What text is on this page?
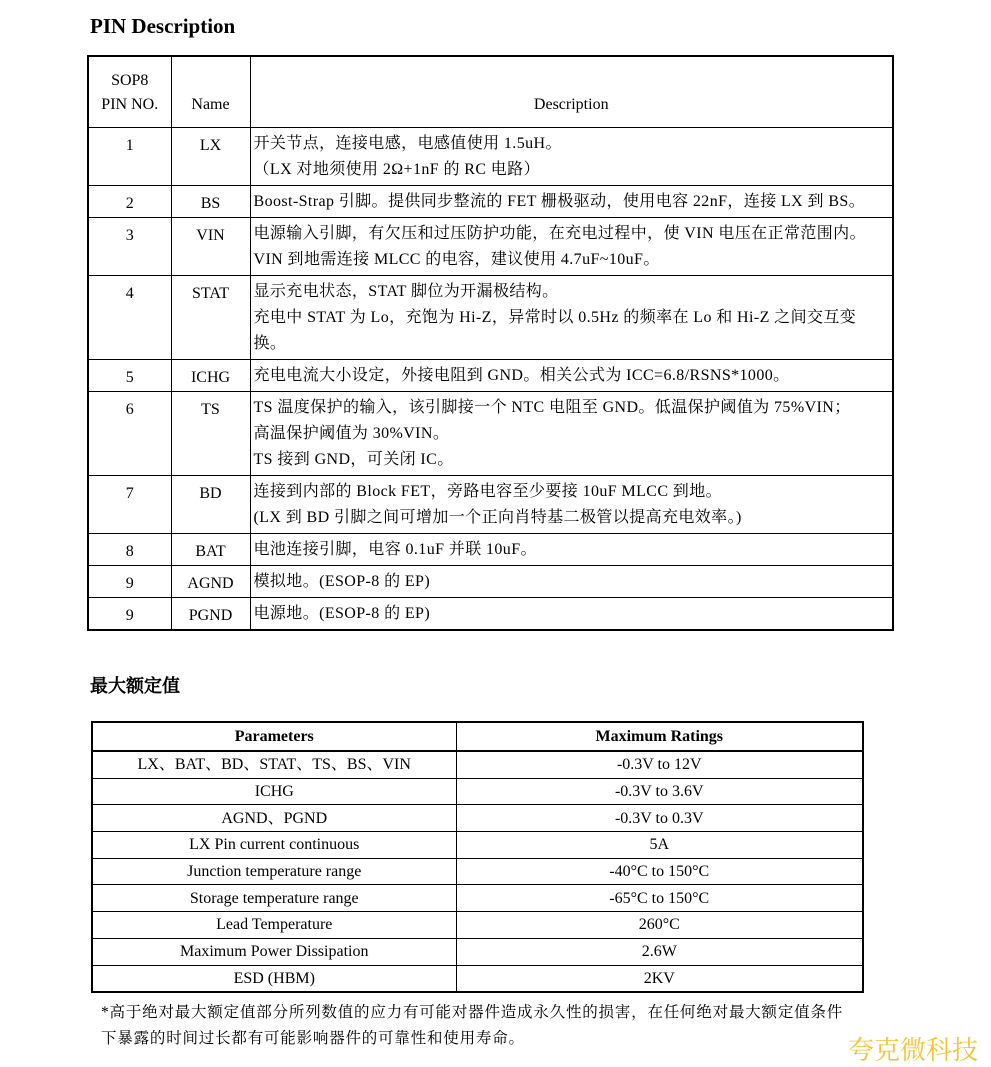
PIN Description
SOP8
PIN NO.	Name	Description
1	LX	开关节点，连接电感，电感值使用 1.5uH。
（LX 对地须使用 2Ω+1nF 的 RC 电路）

2	BS	Boost-Strap 引脚。提供同步整流的 FET 栅极驱动，使用电容 22nF，连接 LX 到 BS。

3	VIN	电源输入引脚，有欠压和过压防护功能，在充电过程中，使 VIN 电压在正常范围内。
VIN 到地需连接 MLCC 的电容，建议使用 4.7uF~10uF。

4	STAT	显示充电状态，STAT 脚位为开漏极结构。
充电中 STAT 为 Lo，充饱为 Hi-Z，异常时以 0.5Hz 的频率在 Lo 和 Hi-Z 之间交互变
换。

5	ICHG	充电电流大小设定，外接电阻到 GND。相关公式为 ICC=6.8/RSNS*1000。

6	TS	TS 温度保护的输入，该引脚接一个 NTC 电阻至 GND。低温保护阈值为 75%VIN；
高温保护阈值为 30%VIN。
TS 接到 GND，可关闭 IC。

7	BD	连接到内部的 Block FET，旁路电容至少要接 10uF MLCC 到地。
(LX 到 BD 引脚之间可增加一个正向肖特基二极管以提高充电效率。)

8	BAT	电池连接引脚，电容 0.1uF 并联 10uF。

9	AGND	模拟地。(ESOP-8 的 EP)

9	PGND	电源地。(ESOP-8 的 EP)
最大额定值
Parameters	Maximum Ratings
LX、BAT、BD、STAT、TS、BS、VIN	-0.3V to 12V
ICHG	-0.3V to 3.6V
AGND、PGND	-0.3V to 0.3V
LX Pin current continuous	5A
Junction temperature range	-40°C to 150°C
Storage temperature range	-65°C to 150°C
Lead Temperature	260°C
Maximum Power Dissipation	2.6W
ESD (HBM)	2KV
*高于绝对最大额定值部分所列数值的应力有可能对器件造成永久性的损害，在任何绝对最大额定值条件
下暴露的时间过长都有可能影响器件的可靠性和使用寿命。	夸克微科技
